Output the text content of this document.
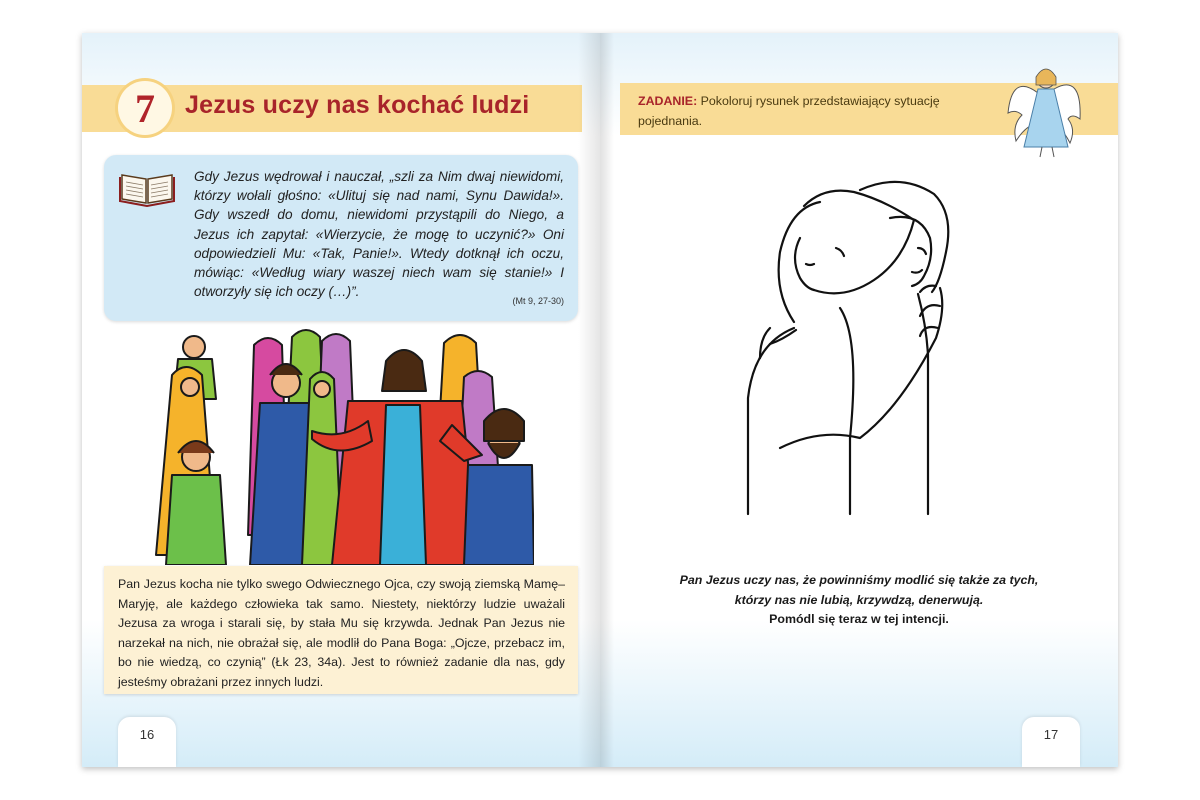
7	Jezus uczy nas kochać ludzi

Gdy Jezus wędrował i nauczał, „szli za Nim dwaj niewidomi, którzy wołali głośno: «Ulituj się nad nami, Synu Dawida!». Gdy wszedł do domu, niewidomi przystąpili do Niego, a Jezus ich zapytał: «Wierzycie, że mogę to uczynić?» Oni odpowiedzieli Mu: «Tak, Panie!». Wtedy dotknął ich oczu, mówiąc: «Według wiary waszej niech wam się stanie!» I otworzyły się ich oczy (…)”.

(Mt 9, 27-30)

Pan Jezus kocha nie tylko swego Odwiecznego Ojca, czy swoją ziemską Mamę–Maryję, ale każdego człowieka tak samo. Niestety, niektórzy ludzie uważali Jezusa za wroga i starali się, by stała Mu się krzywda. Jednak Pan Jezus nie narzekał na nich, nie obrażał się, ale modlił do Pana Boga: „Ojcze, przebacz im, bo nie wiedzą, co czynią” (Łk 23, 34a). Jest to również zadanie dla nas, gdy jesteśmy obrażani przez innych ludzi.

16

ZADANIE: Pokoloruj rysunek przedstawiający sytuację pojednania.

Pan Jezus uczy nas, że powinniśmy modlić się także za tych,
którzy nas nie lubią, krzywdzą, denerwują.
Pomódl się teraz w tej intencji.

17
